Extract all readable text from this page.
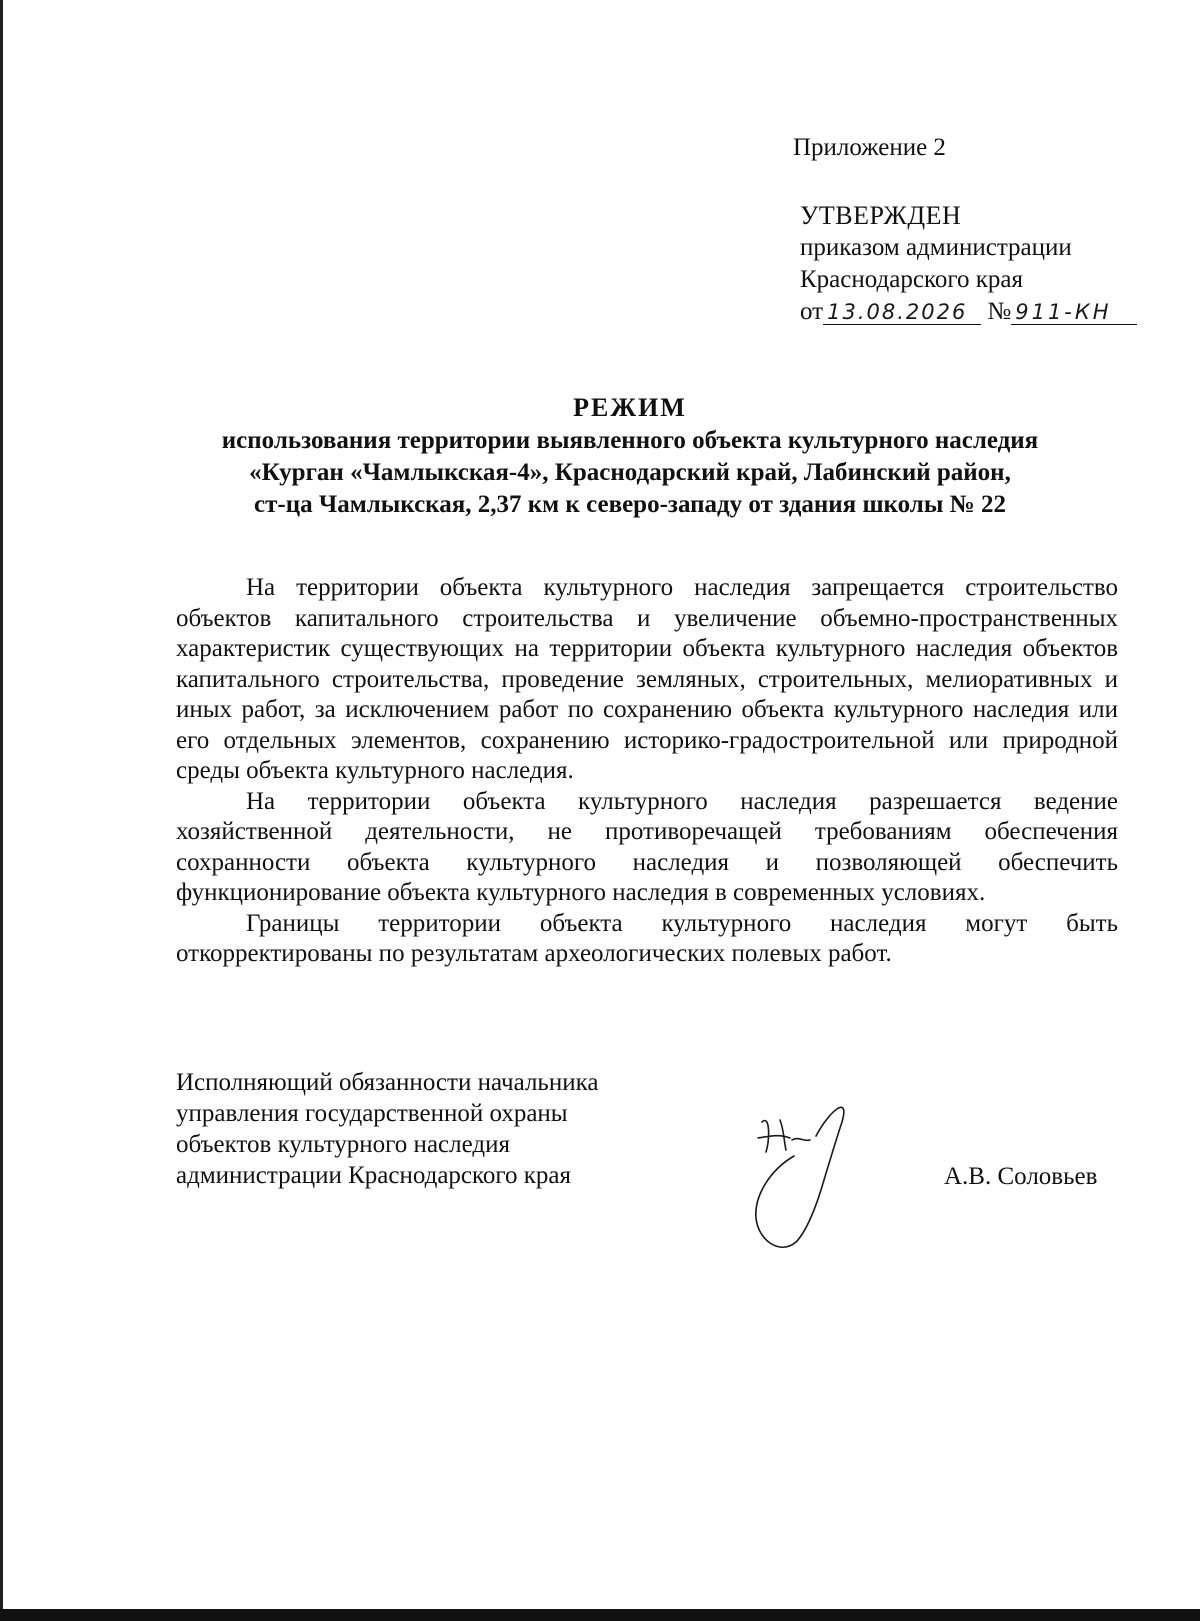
Приложение 2
УТВЕРЖДЕН
приказом администрации
Краснодарского края
от 13.08.2026 № 911-КН
РЕЖИМ
использования территории выявленного объекта культурного наследия
«Курган «Чамлыкская-4», Краснодарский край, Лабинский район,
ст-ца Чамлыкская, 2,37 км к северо-западу от здания школы № 22

На территории объекта культурного наследия запрещается строительство объектов капитального строительства и увеличение объемно-пространственных характеристик существующих на территории объекта культурного наследия объектов капитального строительства, проведение земляных, строительных, мелиоративных и иных работ, за исключением работ по сохранению объекта культурного наследия или его отдельных элементов, сохранению историко-градостроительной или природной среды объекта культурного наследия.

На территории объекта культурного наследия разрешается ведение хозяйственной деятельности, не противоречащей требованиям обеспечения сохранности объекта культурного наследия и позволяющей обеспечить функционирование объекта культурного наследия в современных условиях.

Границы территории объекта культурного наследия могут быть откорректированы по результатам археологических полевых работ.

Исполняющий обязанности начальника
управления государственной охраны
объектов культурного наследия
администрации Краснодарского края	А.В. Соловьев
